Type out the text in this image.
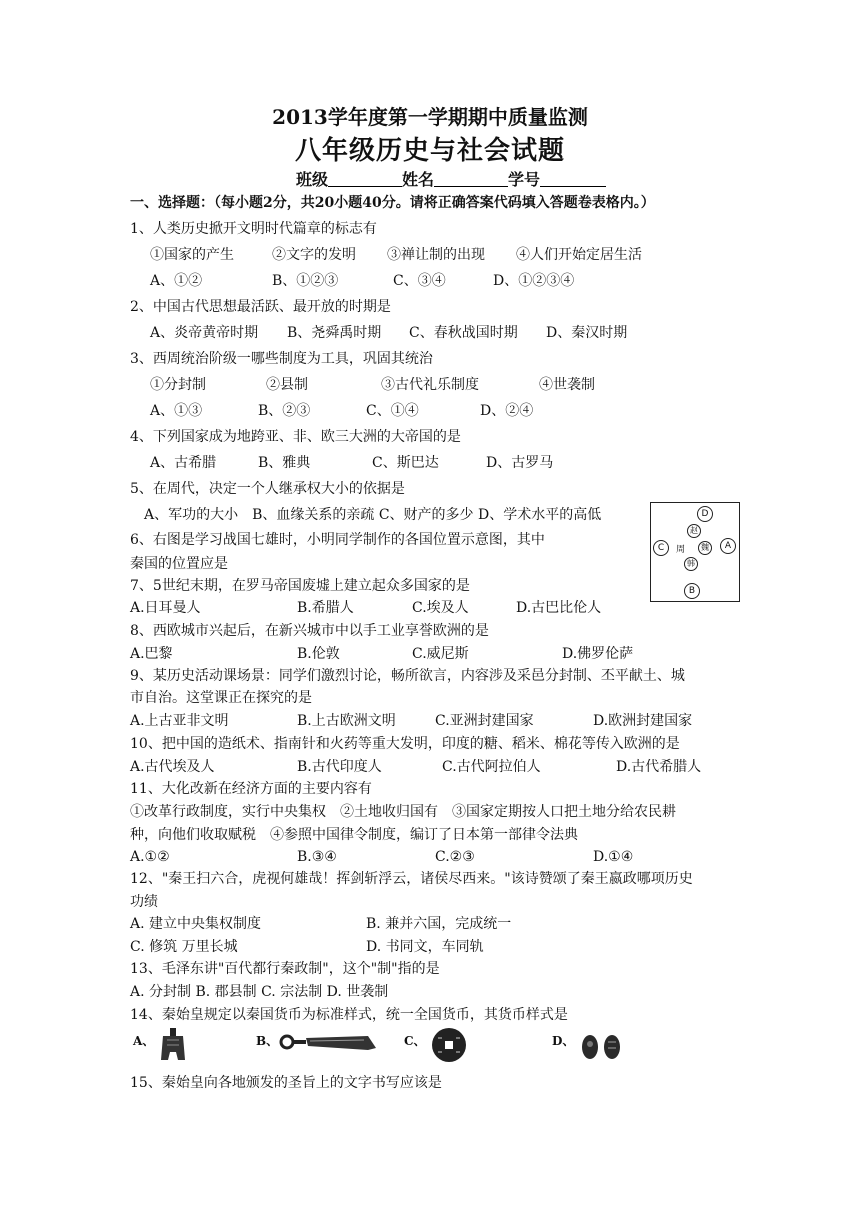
2013学年度第一学期期中质量监测
八年级历史与社会试题
班级	姓名	学号
一、选择题：（每小题2分，共20小题40分。请将正确答案代码填入答题卷表格内。）
1、人类历史掀开文明时代篇章的标志有
①国家的产生	②文字的发明 ③禅让制的出现 ④人们开始定居生活
A、①②	B、①②③	C、③④	D、①②③④
2、中国古代思想最活跃、最开放的时期是
A、炎帝黄帝时期 B、尧舜禹时期 C、春秋战国时期 D、秦汉时期
3、西周统治阶级一哪些制度为工具，巩固其统治
①分封制	②县制	③古代礼乐制度	④世袭制
A、①③	B、②③	C、①④	D、②④
4、下列国家成为地跨亚、非、欧三大洲的大帝国的是
A、古希腊	B、雅典	C、斯巴达	D、古罗马
5、在周代，决定一个人继承权大小的依据是
A、军功的大小　B、血缘关系的亲疏 C、财产的多少 D、学术水平的高低
6、右图是学习战国七雄时，小明同学制作的各国位置示意图，其中
秦国的位置应是
D
赵
C	周	魏	A
韩
B
7、5世纪末期，在罗马帝国废墟上建立起众多国家的是
A.日耳曼人	B.希腊人	C.埃及人	D.古巴比伦人
8、西欧城市兴起后，在新兴城市中以手工业享誉欧洲的是
A.巴黎	B.伦敦	C.威尼斯	D.佛罗伦萨
9、某历史活动课场景：同学们激烈讨论，畅所欲言，内容涉及采邑分封制、丕平献土、城
市自治。这堂课正在探究的是
A.上古亚非文明	B.上古欧洲文明	C.亚洲封建国家	D.欧洲封建国家
10、把中国的造纸术、指南针和火药等重大发明，印度的糖、稻米、棉花等传入欧洲的是
A.古代埃及人	B.古代印度人	C.古代阿拉伯人	D.古代希腊人
11、大化改新在经济方面的主要内容有
①改革行政制度，实行中央集权　②土地收归国有　③国家定期按人口把土地分给农民耕
种，向他们收取赋税　④参照中国律令制度，编订了日本第一部律令法典
A.①②	B.③④	C.②③	D.①④
12、"秦王扫六合，虎视何雄哉！挥剑斩浮云，诸侯尽西来。"该诗赞颂了秦王嬴政哪项历史
功绩
A. 建立中央集权制度	B. 兼并六国，完成统一
C. 修筑 万里长城	D. 书同文，车同轨
13、毛泽东讲"百代都行秦政制"，这个"制"指的是
A. 分封制 B. 郡县制 C. 宗法制 D. 世袭制
14、秦始皇规定以秦国货币为标准样式，统一全国货币，其货币样式是
A、	B、	C、	D、
15、秦始皇向各地颁发的圣旨上的文字书写应该是
